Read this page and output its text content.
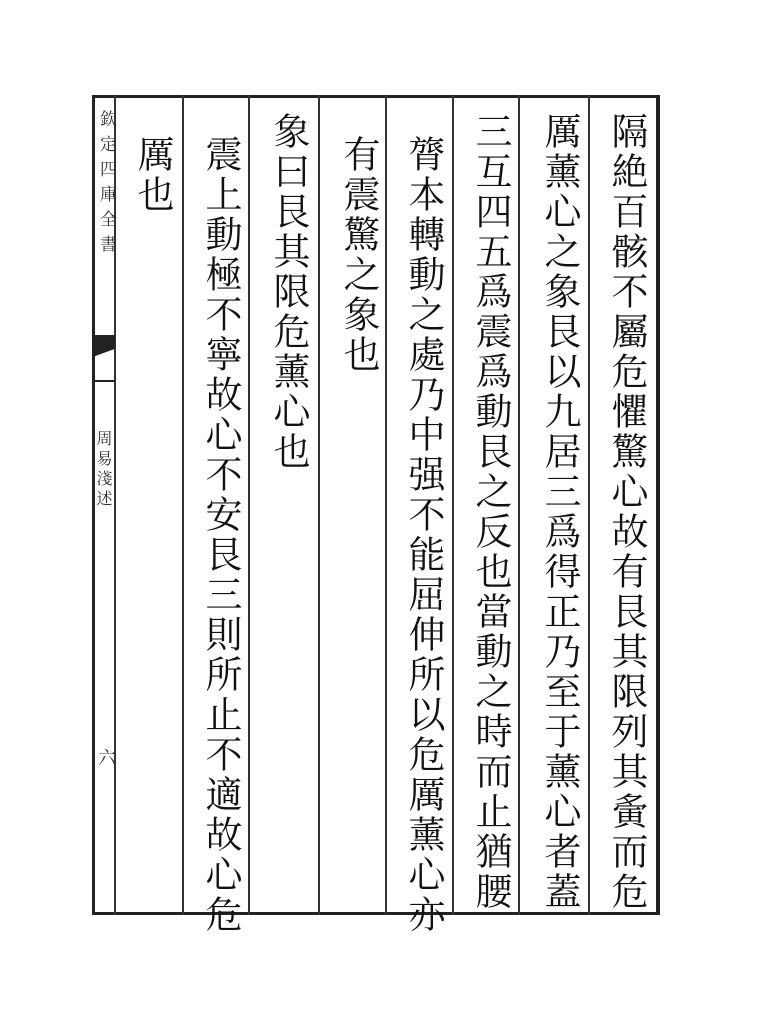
欽定四庫全書
周易淺述
六	隔絶百骸不屬危懼驚心故有艮其限列其夤而危
厲薰心之象艮以九居三爲得正乃至于薰心者蓋
三互四五爲震爲動艮之反也當動之時而止猶腰
膂本轉動之處乃中强不能屈伸所以危厲薰心亦
有震驚之象也
象曰艮其限危薰心也
震上動極不寧故心不安艮三則所止不適故心危
厲也
